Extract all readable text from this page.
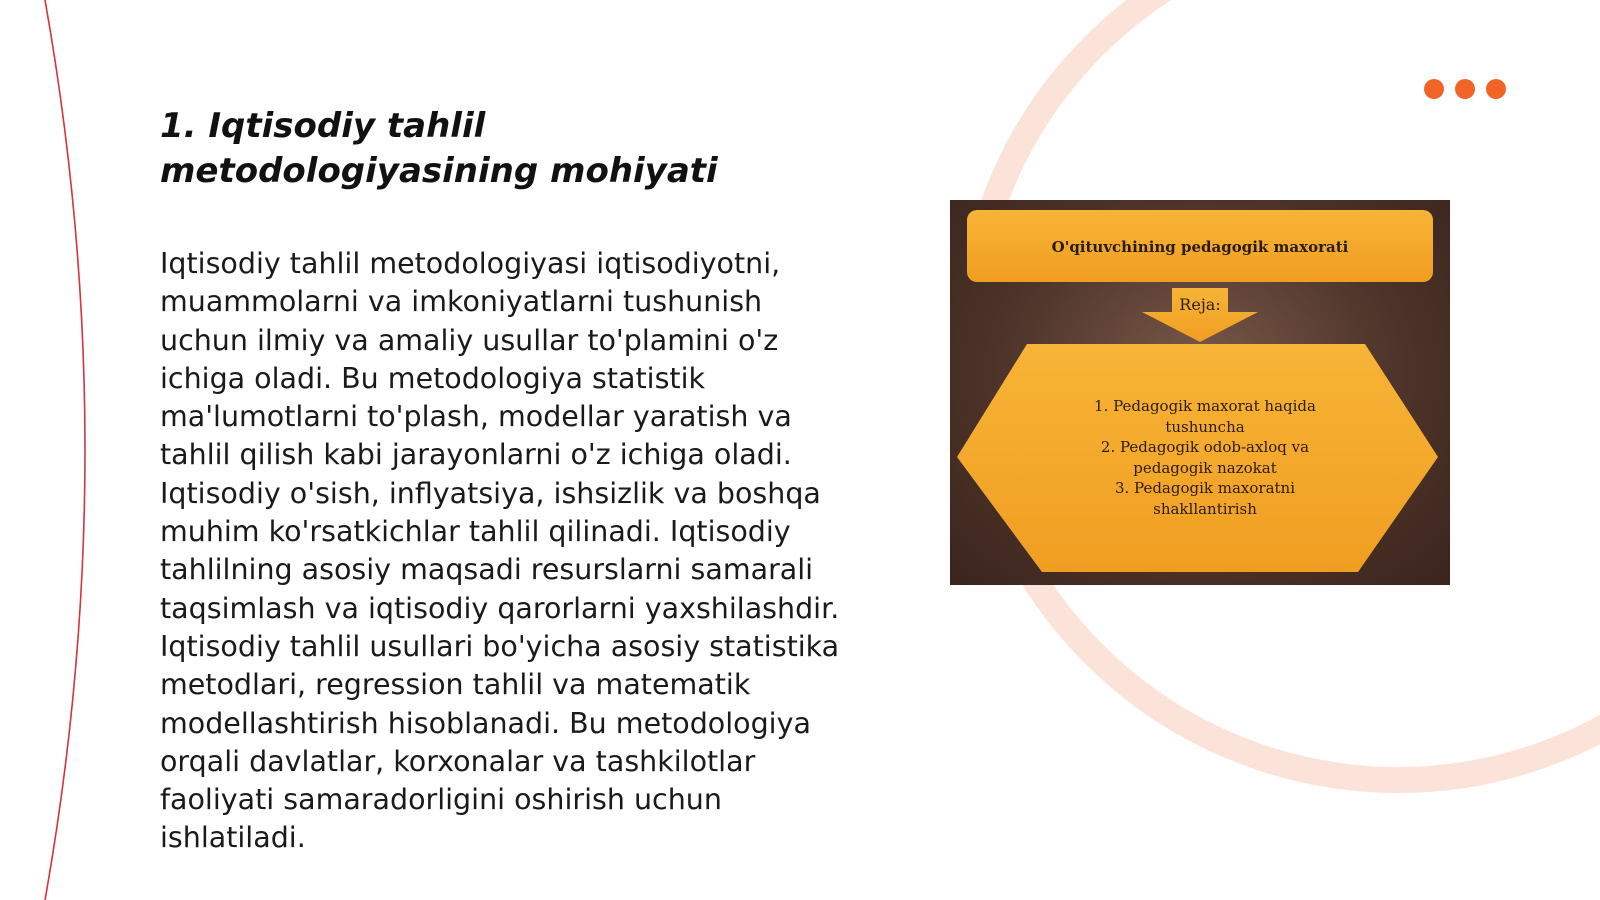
1. Iqtisodiy tahlil metodologiyasining mohiyati

Iqtisodiy tahlil metodologiyasi iqtisodiyotni, muammolarni va imkoniyatlarni tushunish uchun ilmiy va amaliy usullar to'plamini o'z ichiga oladi. Bu metodologiya statistik ma'lumotlarni to'plash, modellar yaratish va tahlil qilish kabi jarayonlarni o'z ichiga oladi. Iqtisodiy o'sish, inflyatsiya, ishsizlik va boshqa muhim ko'rsatkichlar tahlil qilinadi. Iqtisodiy tahlilning asosiy maqsadi resurslarni samarali taqsimlash va iqtisodiy qarorlarni yaxshilashdir. Iqtisodiy tahlil usullari bo'yicha asosiy statistika metodlari, regression tahlil va matematik modellashtirish hisoblanadi. Bu metodologiya orqali davlatlar, korxonalar va tashkilotlar faoliyati samaradorligini oshirish uchun ishlatiladi.

O'qituvchining pedagogik maxorati
Reja:
1. Pedagogik maxorat haqida
tushuncha
2. Pedagogik odob-axloq va
pedagogik nazokat
3. Pedagogik maxoratni
shakllantirish
